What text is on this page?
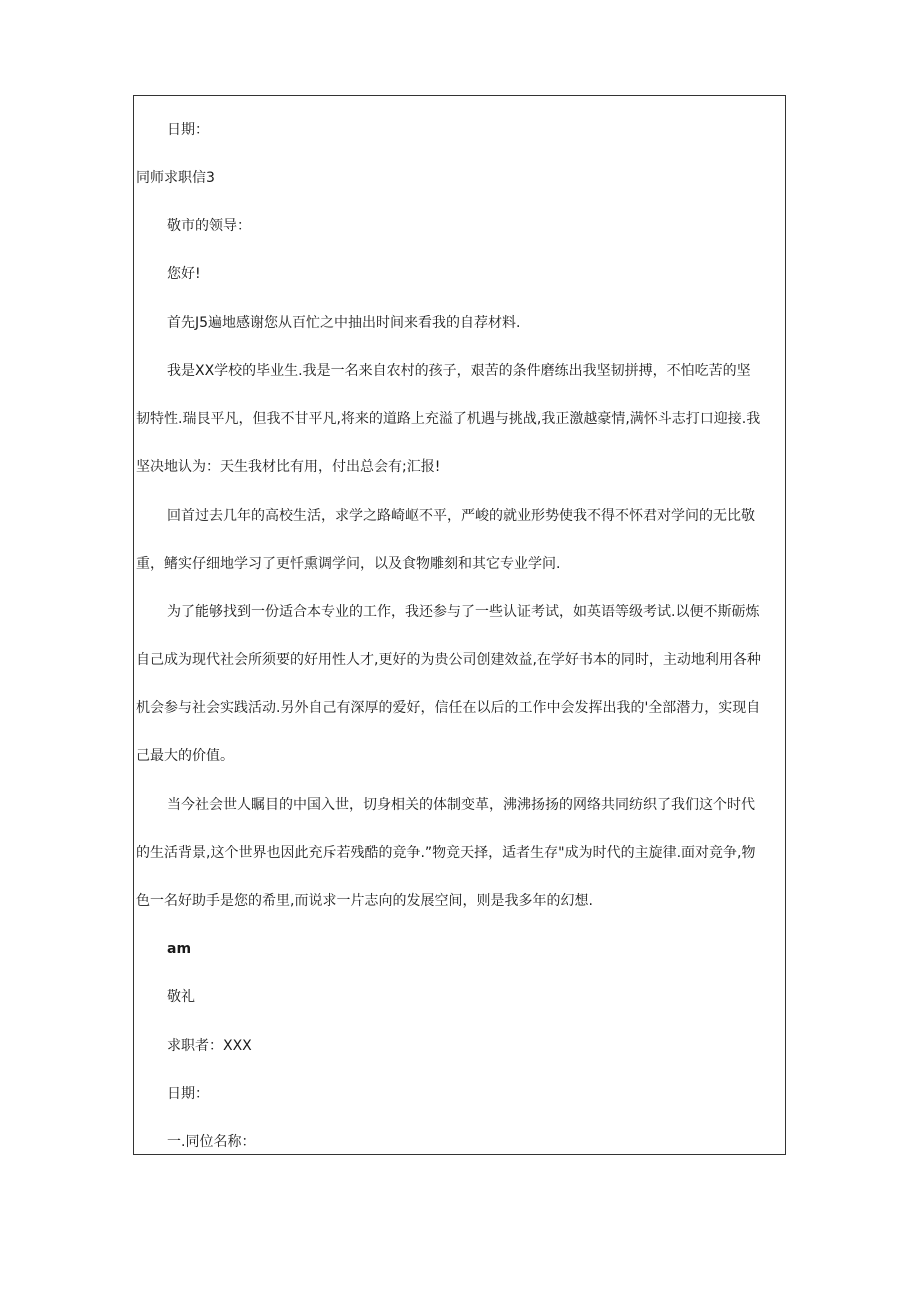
日期：
同师求职信3
敬市的领导：
您好!
首先J5遍地感谢您从百忙之中抽出时间来看我的自荐材料.
我是XX学校的毕业生.我是一名来自农村的孩子，艰苦的条件磨练出我坚韧拼搏，不怕吃苦的坚
韧特性.瑞艮平凡，但我不甘平凡,将来的道路上充溢了机遇与挑战,我正激越豪情,满怀斗志打口迎接.我
坚决地认为：天生我材比有用，付出总会有;汇报!
回首过去几年的高校生活，求学之路崎岖不平，严峻的就业形势使我不得不怀君对学问的无比敬
重，鳍实仔细地学习了更忏熏调学问，以及食物雕刻和其它专业学问.
为了能够找到一份适合本专业的工作，我还参与了一些认证考试，如英语等级考试.以便不斯砺炼
自己成为现代社会所须要的好用性人才,更好的为贵公司创建效益,在学好书本的同时，主动地利用各种
机会参与社会实践活动.另外自己有深厚的爱好，信任在以后的工作中会发挥出我的'全部潜力，实现自
己最大的价值。
当今社会世人瞩目的中国入世，切身相关的体制变革，沸沸扬扬的网络共同纺织了我们这个时代
的生活背景,这个世界也因此充斥若残酷的竞争.”物竞天择，适者生存"成为时代的主旋律.面对竞争,物
色一名好助手是您的希里,而说求一片志向的发展空间，则是我多年的幻想.
am
敬礼
求职者：XXX
日期：
一.同位名称：
